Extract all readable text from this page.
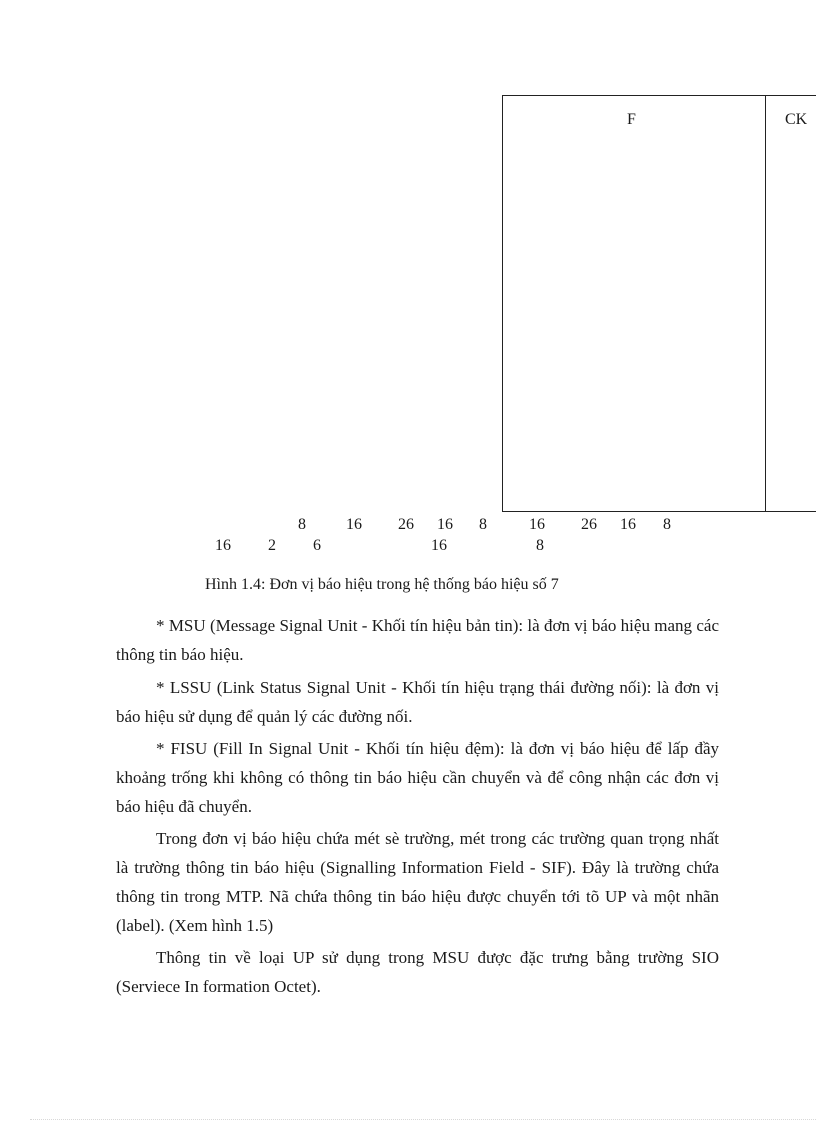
F	CK
8	16 26 16 8	16 26 16 8
16 2 6	16	8
Hình 1.4: Đơn vị báo hiệu trong hệ thống báo hiệu số 7

* MSU (Message Signal Unit - Khối tín hiệu bản tin): là đơn vị báo hiệu mang các thông tin báo hiệu.

* LSSU (Link Status Signal Unit - Khối tín hiệu trạng thái đường nối): là đơn vị báo hiệu sử dụng để quản lý các đường nối.

* FISU (Fill In Signal Unit - Khối tín hiệu đệm): là đơn vị báo hiệu để lấp đầy khoảng trống khi không có thông tin báo hiệu cần chuyển và để công nhận các đơn vị báo hiệu đã chuyển.

Trong đơn vị báo hiệu chứa mét sè trường, mét trong các trường quan trọng nhất là trường thông tin báo hiệu (Signalling Information Field - SIF). Đây là trường chứa thông tin trong MTP. Nã chứa thông tin báo hiệu được chuyển tới tõ UP và một nhãn (label). (Xem hình 1.5)

Thông tin về loại UP sử dụng trong MSU được đặc trưng bằng trường SIO (Serviece In formation Octet).
